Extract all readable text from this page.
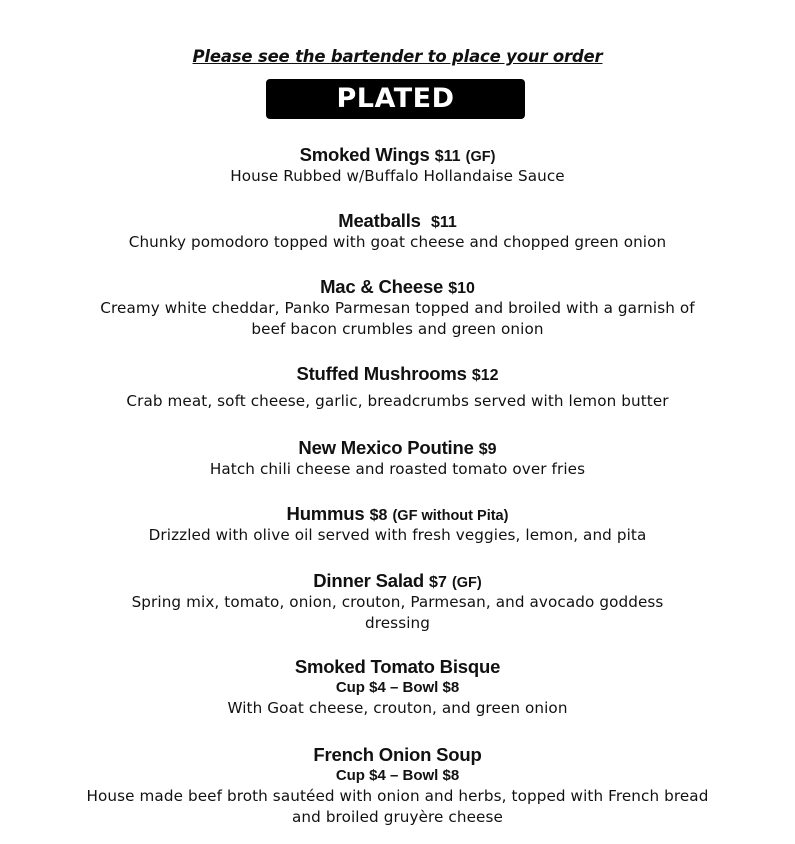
Please see the bartender to place your order
PLATED
Smoked Wings $11 (GF)
House Rubbed w/Buffalo Hollandaise Sauce
Meatballs $11
Chunky pomodoro topped with goat cheese and chopped green onion
Mac & Cheese $10
Creamy white cheddar, Panko Parmesan topped and broiled with a garnish of beef bacon crumbles and green onion
Stuffed Mushrooms $12
Crab meat, soft cheese, garlic, breadcrumbs served with lemon butter
New Mexico Poutine $9
Hatch chili cheese and roasted tomato over fries
Hummus $8 (GF without Pita)
Drizzled with olive oil served with fresh veggies, lemon, and pita
Dinner Salad $7 (GF)
Spring mix, tomato, onion, crouton, Parmesan, and avocado goddess dressing
Smoked Tomato Bisque
Cup $4 – Bowl $8
With Goat cheese, crouton, and green onion
French Onion Soup
Cup $4 – Bowl $8
House made beef broth sautéed with onion and herbs, topped with French bread and broiled gruyère cheese
